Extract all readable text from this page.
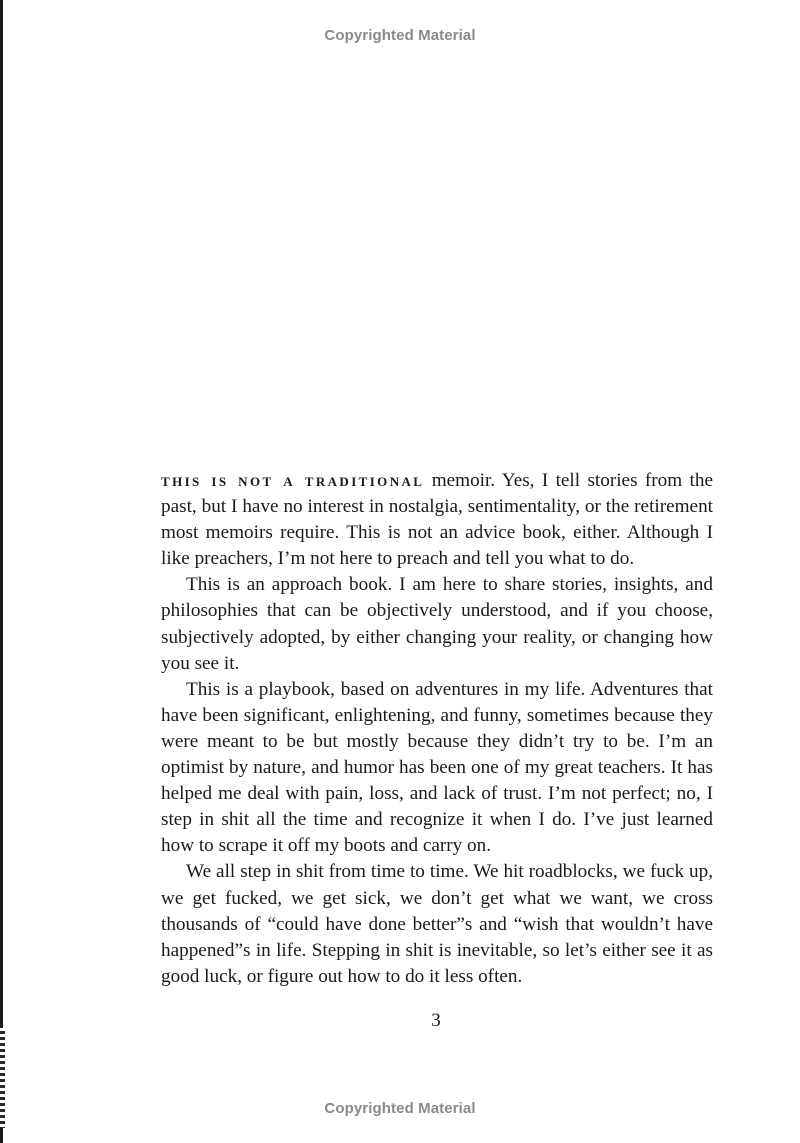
Copyrighted Material

this is not a traditional memoir. Yes, I tell stories from the past, but I have no interest in nostalgia, sentimentality, or the retirement most memoirs require. This is not an advice book, either. Although I like preachers, I’m not here to preach and tell you what to do.

This is an approach book. I am here to share stories, insights, and philosophies that can be objectively understood, and if you choose, subjectively adopted, by either changing your reality, or changing how you see it.

This is a playbook, based on adventures in my life. Adventures that have been significant, enlightening, and funny, sometimes because they were meant to be but mostly because they didn’t try to be. I’m an optimist by nature, and humor has been one of my great teachers. It has helped me deal with pain, loss, and lack of trust. I’m not perfect; no, I step in shit all the time and recognize it when I do. I’ve just learned how to scrape it off my boots and carry on.

We all step in shit from time to time. We hit roadblocks, we fuck up, we get fucked, we get sick, we don’t get what we want, we cross thousands of “could have done better”s and “wish that wouldn’t have happened”s in life. Stepping in shit is inevitable, so let’s either see it as good luck, or figure out how to do it less often.

3
Copyrighted Material
